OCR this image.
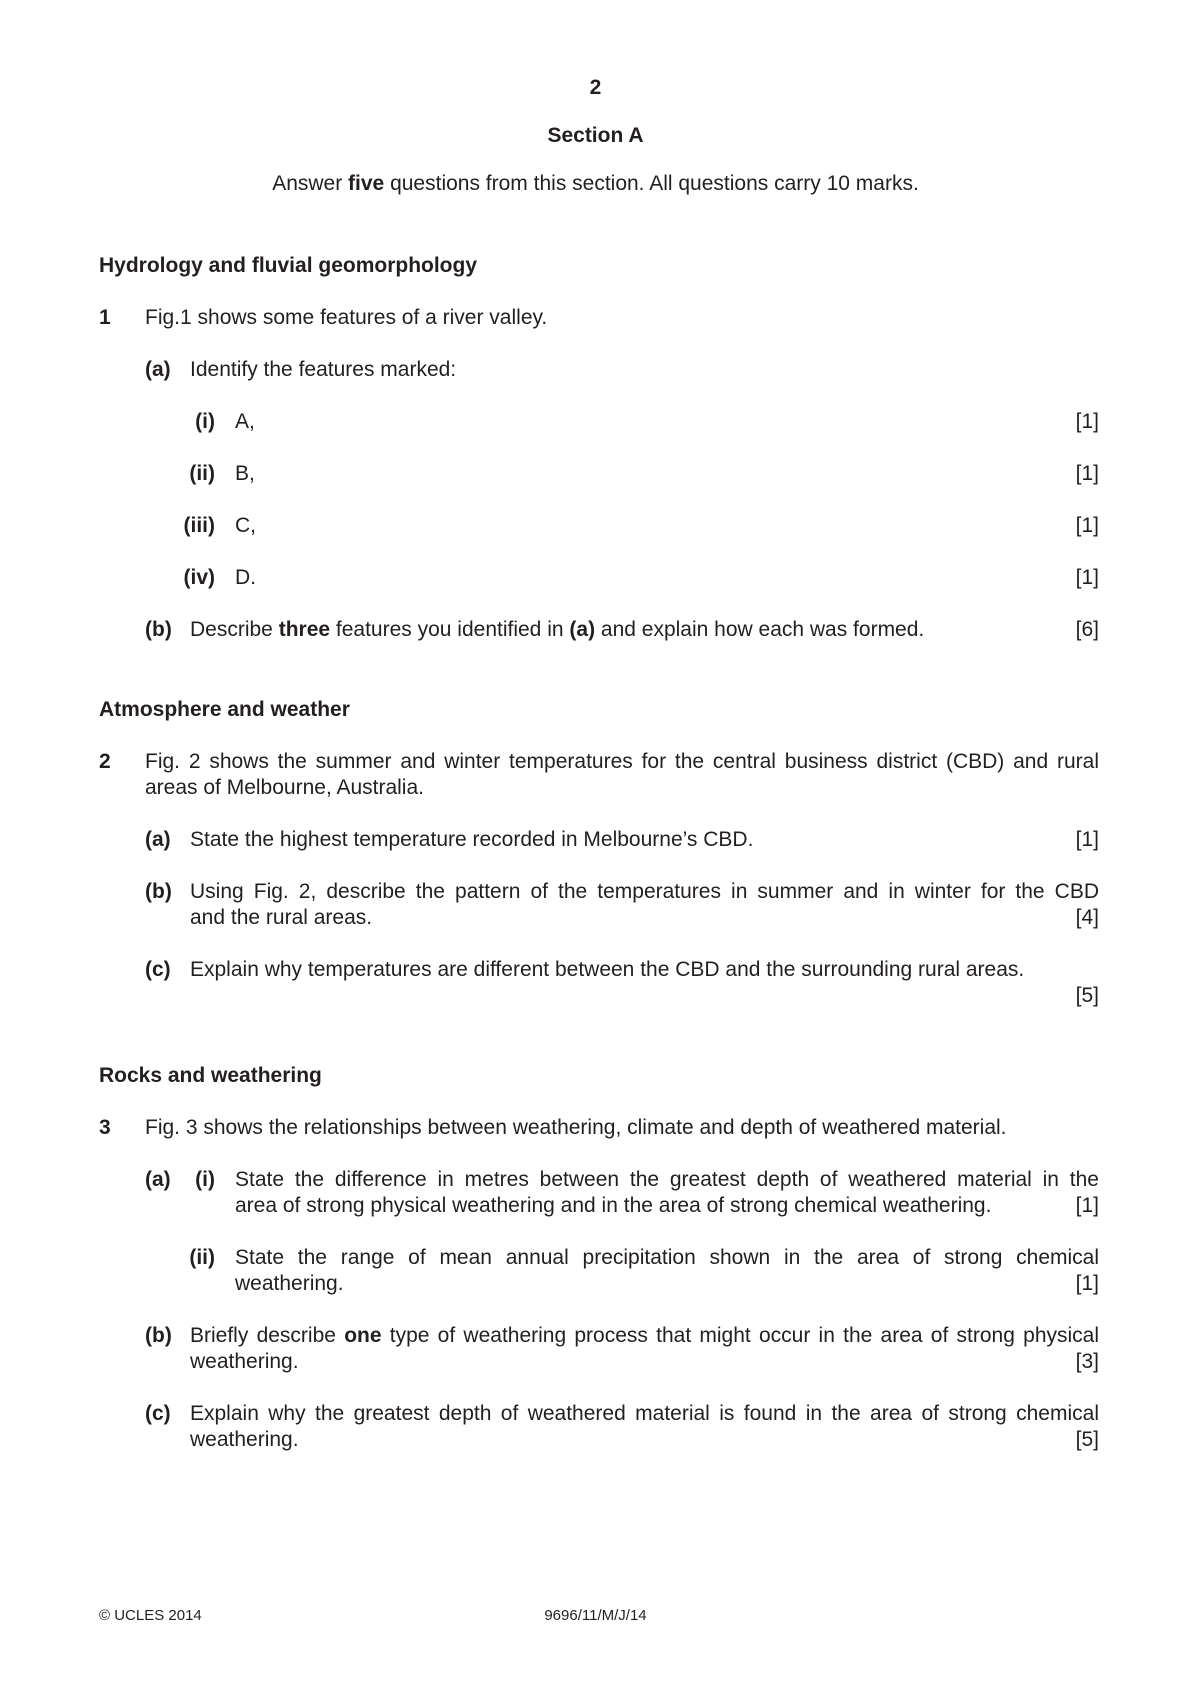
2
Section A
Answer five questions from this section. All questions carry 10 marks.
Hydrology and fluvial geomorphology
1 Fig.1 shows some features of a river valley.
(a) Identify the features marked:
(i) A,	[1]
(ii) B,	[1]
(iii) C,	[1]
(iv) D.	[1]
(b) Describe three features you identified in (a) and explain how each was formed.	[6]
Atmosphere and weather
2 Fig. 2 shows the summer and winter temperatures for the central business district (CBD) and rural
areas of Melbourne, Australia.
(a) State the highest temperature recorded in Melbourne’s CBD.	[1]
(b) Using Fig. 2, describe the pattern of the temperatures in summer and in winter for the CBD
and the rural areas.	[4]
(c) Explain why temperatures are different between the CBD and the surrounding rural areas.
[5]
Rocks and weathering
3 Fig. 3 shows the relationships between weathering, climate and depth of weathered material.
(a)	(i) State the difference in metres between the greatest depth of weathered material in the
area of strong physical weathering and in the area of strong chemical weathering.	[1]
(ii) State the range of mean annual precipitation shown in the area of strong chemical
weathering.	[1]
(b) Briefly describe one type of weathering process that might occur in the area of strong physical
weathering.	[3]
(c) Explain why the greatest depth of weathered material is found in the area of strong chemical
weathering.	[5]
© UCLES 2014	9696/11/M/J/14
